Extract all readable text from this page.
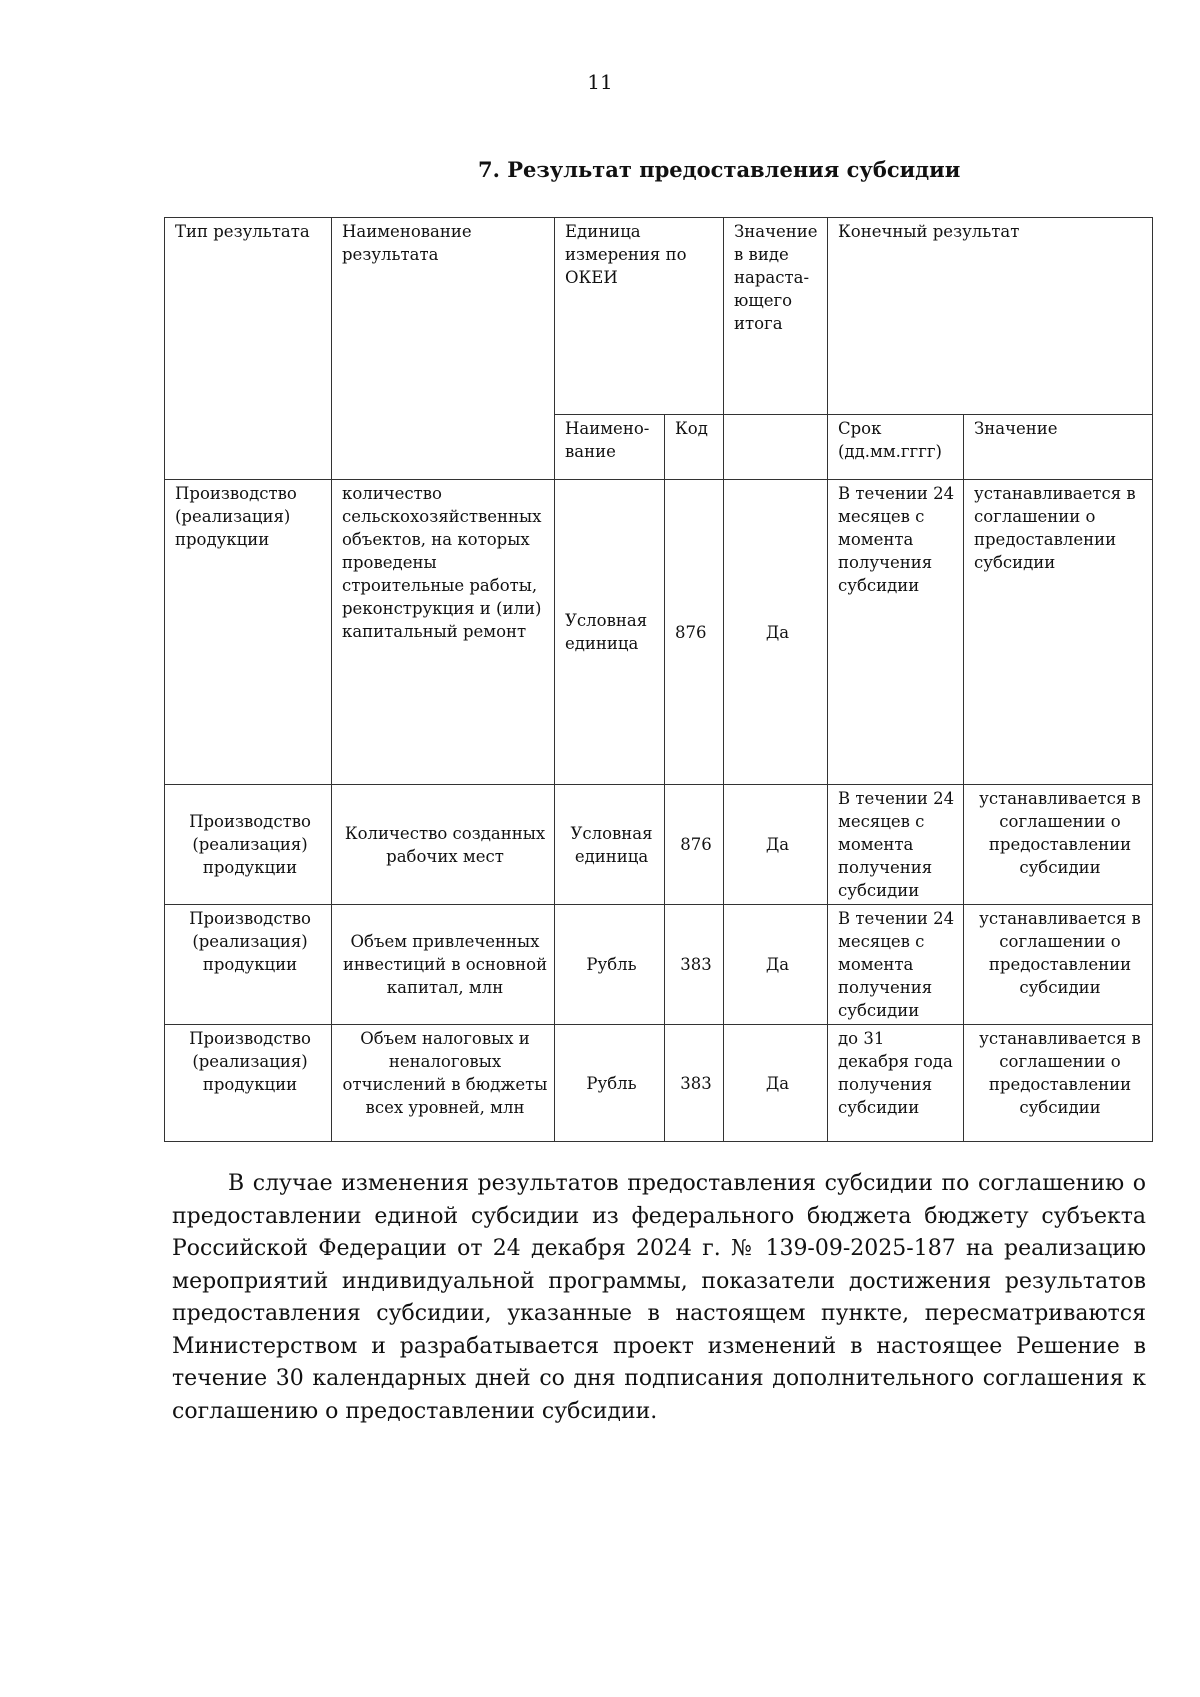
11
7. Результат предоставления субсидии
Тип результата	Наименование результата	Единица измерения по ОКЕИ		Значение в виде нараста-ющего итога	Конечный результат	
		Наимено-вание	Код		Срок (дд.мм.гггг)	Значение
Производство (реализация) продукции	количество сельскохозяйственных объектов, на которых проведены строительные работы, реконструкция и (или) капитальный ремонт	Условная единица	876	Да	В течении 24 месяцев с момента получения субсидии	устанавливается в соглашении о предоставлении субсидии
Производство (реализация) продукции	Количество созданных рабочих мест	Условная единица	876	Да	В течении 24 месяцев с момента получения субсидии	устанавливается в соглашении о предоставлении субсидии
Производство (реализация) продукции	Объем привлеченных инвестиций в основной капитал, млн	Рубль	383	Да	В течении 24 месяцев с момента получения субсидии	устанавливается в соглашении о предоставлении субсидии
Производство (реализация) продукции	Объем налоговых и неналоговых отчислений в бюджеты всех уровней, млн	Рубль	383	Да	до 31 декабря года получения субсидии	устанавливается в соглашении о предоставлении субсидии

В случае изменения результатов предоставления субсидии по соглашению о предоставлении единой субсидии из федерального бюджета бюджету субъекта Российской Федерации от 24 декабря 2024 г. № 139-09-2025-187 на реализацию мероприятий индивидуальной программы, показатели достижения результатов предоставления субсидии, указанные в настоящем пункте, пересматриваются Министерством и разрабатывается проект изменений в настоящее Решение в течение 30 календарных дней со дня подписания дополнительного соглашения к соглашению о предоставлении субсидии.
